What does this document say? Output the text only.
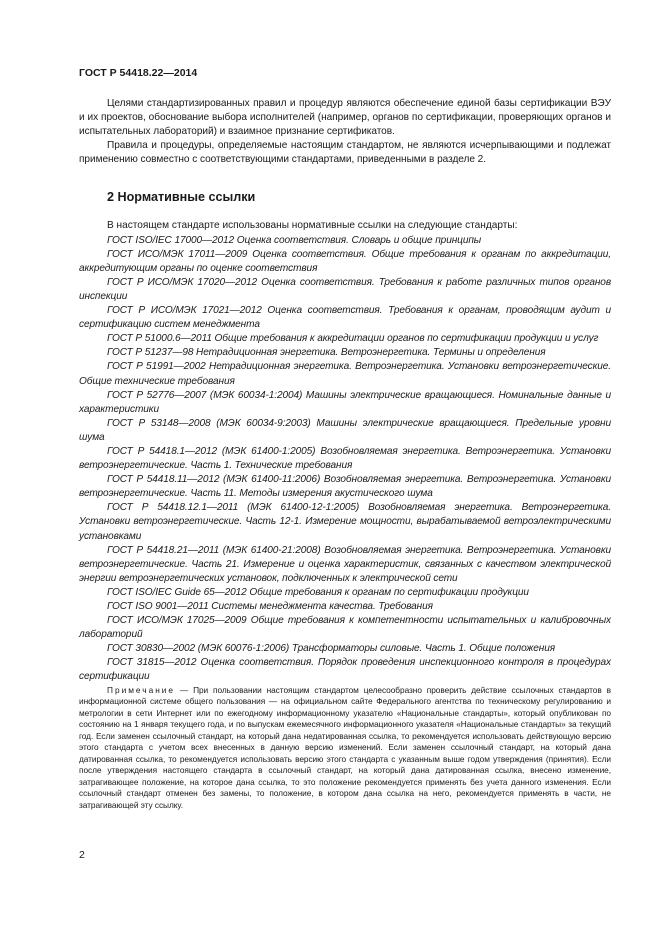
ГОСТ Р 54418.22—2014

Целями стандартизированных правил и процедур являются обеспечение единой базы сертификации ВЭУ и их проектов, обоснование выбора исполнителей (например, органов по сертификации, проверяющих органов и испытательных лабораторий) и взаимное признание сертификатов.

Правила и процедуры, определяемые настоящим стандартом, не являются исчерпывающими и подлежат применению совместно с соответствующими стандартами, приведенными в разделе 2.

2 Нормативные ссылки

В настоящем стандарте использованы нормативные ссылки на следующие стандарты:

ГОСТ ISO/IEC 17000—2012 Оценка соответствия. Словарь и общие принципы

ГОСТ ИСО/МЭК 17011—2009 Оценка соответствия. Общие требования к органам по аккредитации, аккредитующим органы по оценке соответствия

ГОСТ Р ИСО/МЭК 17020—2012 Оценка соответствия. Требования к работе различных типов органов инспекции

ГОСТ Р ИСО/МЭК 17021—2012 Оценка соответствия. Требования к органам, проводящим аудит и сертификацию систем менеджмента

ГОСТ Р 51000.6—2011 Общие требования к аккредитации органов по сертификации продукции и услуг

ГОСТ Р 51237—98 Нетрадиционная энергетика. Ветроэнергетика. Термины и определения

ГОСТ Р 51991—2002 Нетрадиционная энергетика. Ветроэнергетика. Установки ветроэнергетические. Общие технические требования

ГОСТ Р 52776—2007 (МЭК 60034-1:2004) Машины электрические вращающиеся. Номинальные данные и характеристики

ГОСТ Р 53148—2008 (МЭК 60034-9:2003) Машины электрические вращающиеся. Предельные уровни шума

ГОСТ Р 54418.1—2012 (МЭК 61400-1:2005) Возобновляемая энергетика. Ветроэнергетика. Установки ветроэнергетические. Часть 1. Технические требования

ГОСТ Р 54418.11—2012 (МЭК 61400-11:2006) Возобновляемая энергетика. Ветроэнергетика. Установки ветроэнергетические. Часть 11. Методы измерения акустического шума

ГОСТ Р 54418.12.1—2011 (МЭК 61400-12-1:2005) Возобновляемая энергетика. Ветроэнергетика. Установки ветроэнергетические. Часть 12-1. Измерение мощности, вырабатываемой ветроэлектрическими установками

ГОСТ Р 54418.21—2011 (МЭК 61400-21:2008) Возобновляемая энергетика. Ветроэнергетика. Установки ветроэнергетические. Часть 21. Измерение и оценка характеристик, связанных с качеством электрической энергии ветроэнергетических установок, подключенных к электрической сети

ГОСТ ISO/IEC Guide 65—2012 Общие требования к органам по сертификации продукции

ГОСТ ISO 9001—2011 Системы менеджмента качества. Требования

ГОСТ ИСО/МЭК 17025—2009 Общие требования к компетентности испытательных и калибровочных лабораторий

ГОСТ 30830—2002 (МЭК 60076-1:2006) Трансформаторы силовые. Часть 1. Общие положения

ГОСТ 31815—2012 Оценка соответствия. Порядок проведения инспекционного контроля в процедурах сертификации

Примечание — При пользовании настоящим стандартом целесообразно проверить действие ссылочных стандартов в информационной системе общего пользования — на официальном сайте Федерального агентства по техническому регулированию и метрологии в сети Интернет или по ежегодному информационному указателю «Национальные стандарты», который опубликован по состоянию на 1 января текущего года, и по выпускам ежемесячного информационного указателя «Национальные стандарты» за текущий год. Если заменен ссылочный стандарт, на который дана недатированная ссылка, то рекомендуется использовать действующую версию этого стандарта с учетом всех внесенных в данную версию изменений. Если заменен ссылочный стандарт, на который дана датированная ссылка, то рекомендуется использовать версию этого стандарта с указанным выше годом утверждения (принятия). Если после утверждения настоящего стандарта в ссылочный стандарт, на который дана датированная ссылка, внесено изменение, затрагивающее положение, на которое дана ссылка, то это положение рекомендуется применять без учета данного изменения. Если ссылочный стандарт отменен без замены, то положение, в котором дана ссылка на него, рекомендуется применять в части, не затрагивающей эту ссылку.

2
